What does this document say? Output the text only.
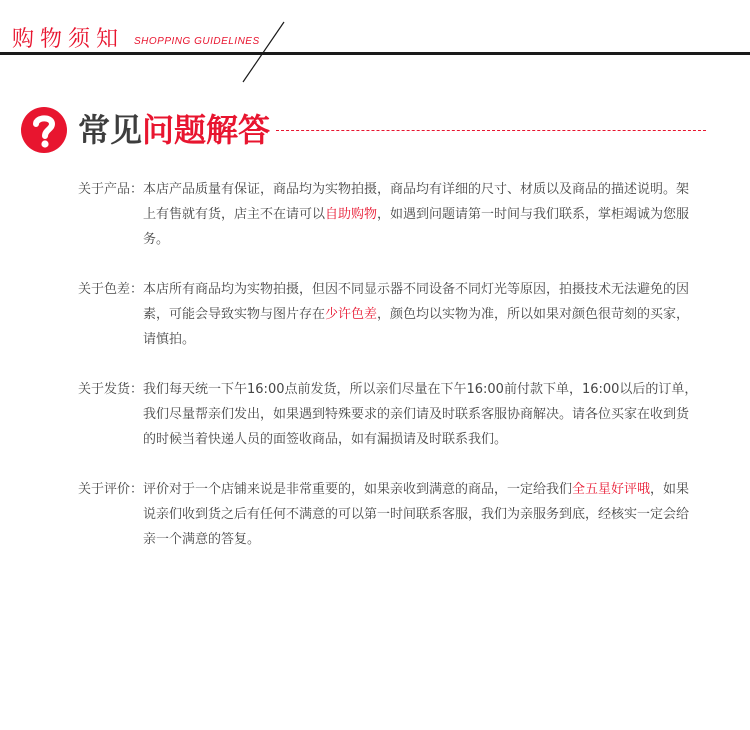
购物须知 SHOPPING GUIDELINES
常见问题解答
关于产品： 本店产品质量有保证，商品均为实物拍摄，商品均有详细的尺寸、材质以及商品的描述说明。架上有售就有货，店主不在请可以自助购物，如遇到问题请第一时间与我们联系，掌柜竭诚为您服务。
关于色差： 本店所有商品均为实物拍摄，但因不同显示器不同设备不同灯光等原因，拍摄技术无法避免的因素，可能会导致实物与图片存在少许色差，颜色均以实物为准，所以如果对颜色很苛刻的买家，请慎拍。
关于发货： 我们每天统一下午16:00点前发货，所以亲们尽量在下午16:00前付款下单，16:00以后的订单，我们尽量帮亲们发出，如果遇到特殊要求的亲们请及时联系客服协商解决。请各位买家在收到货的时候当着快递人员的面签收商品，如有漏损请及时联系我们。
关于评价： 评价对于一个店铺来说是非常重要的，如果亲收到满意的商品，一定给我们全五星好评哦，如果说亲们收到货之后有任何不满意的可以第一时间联系客服，我们为亲服务到底，经核实一定会给亲一个满意的答复。
